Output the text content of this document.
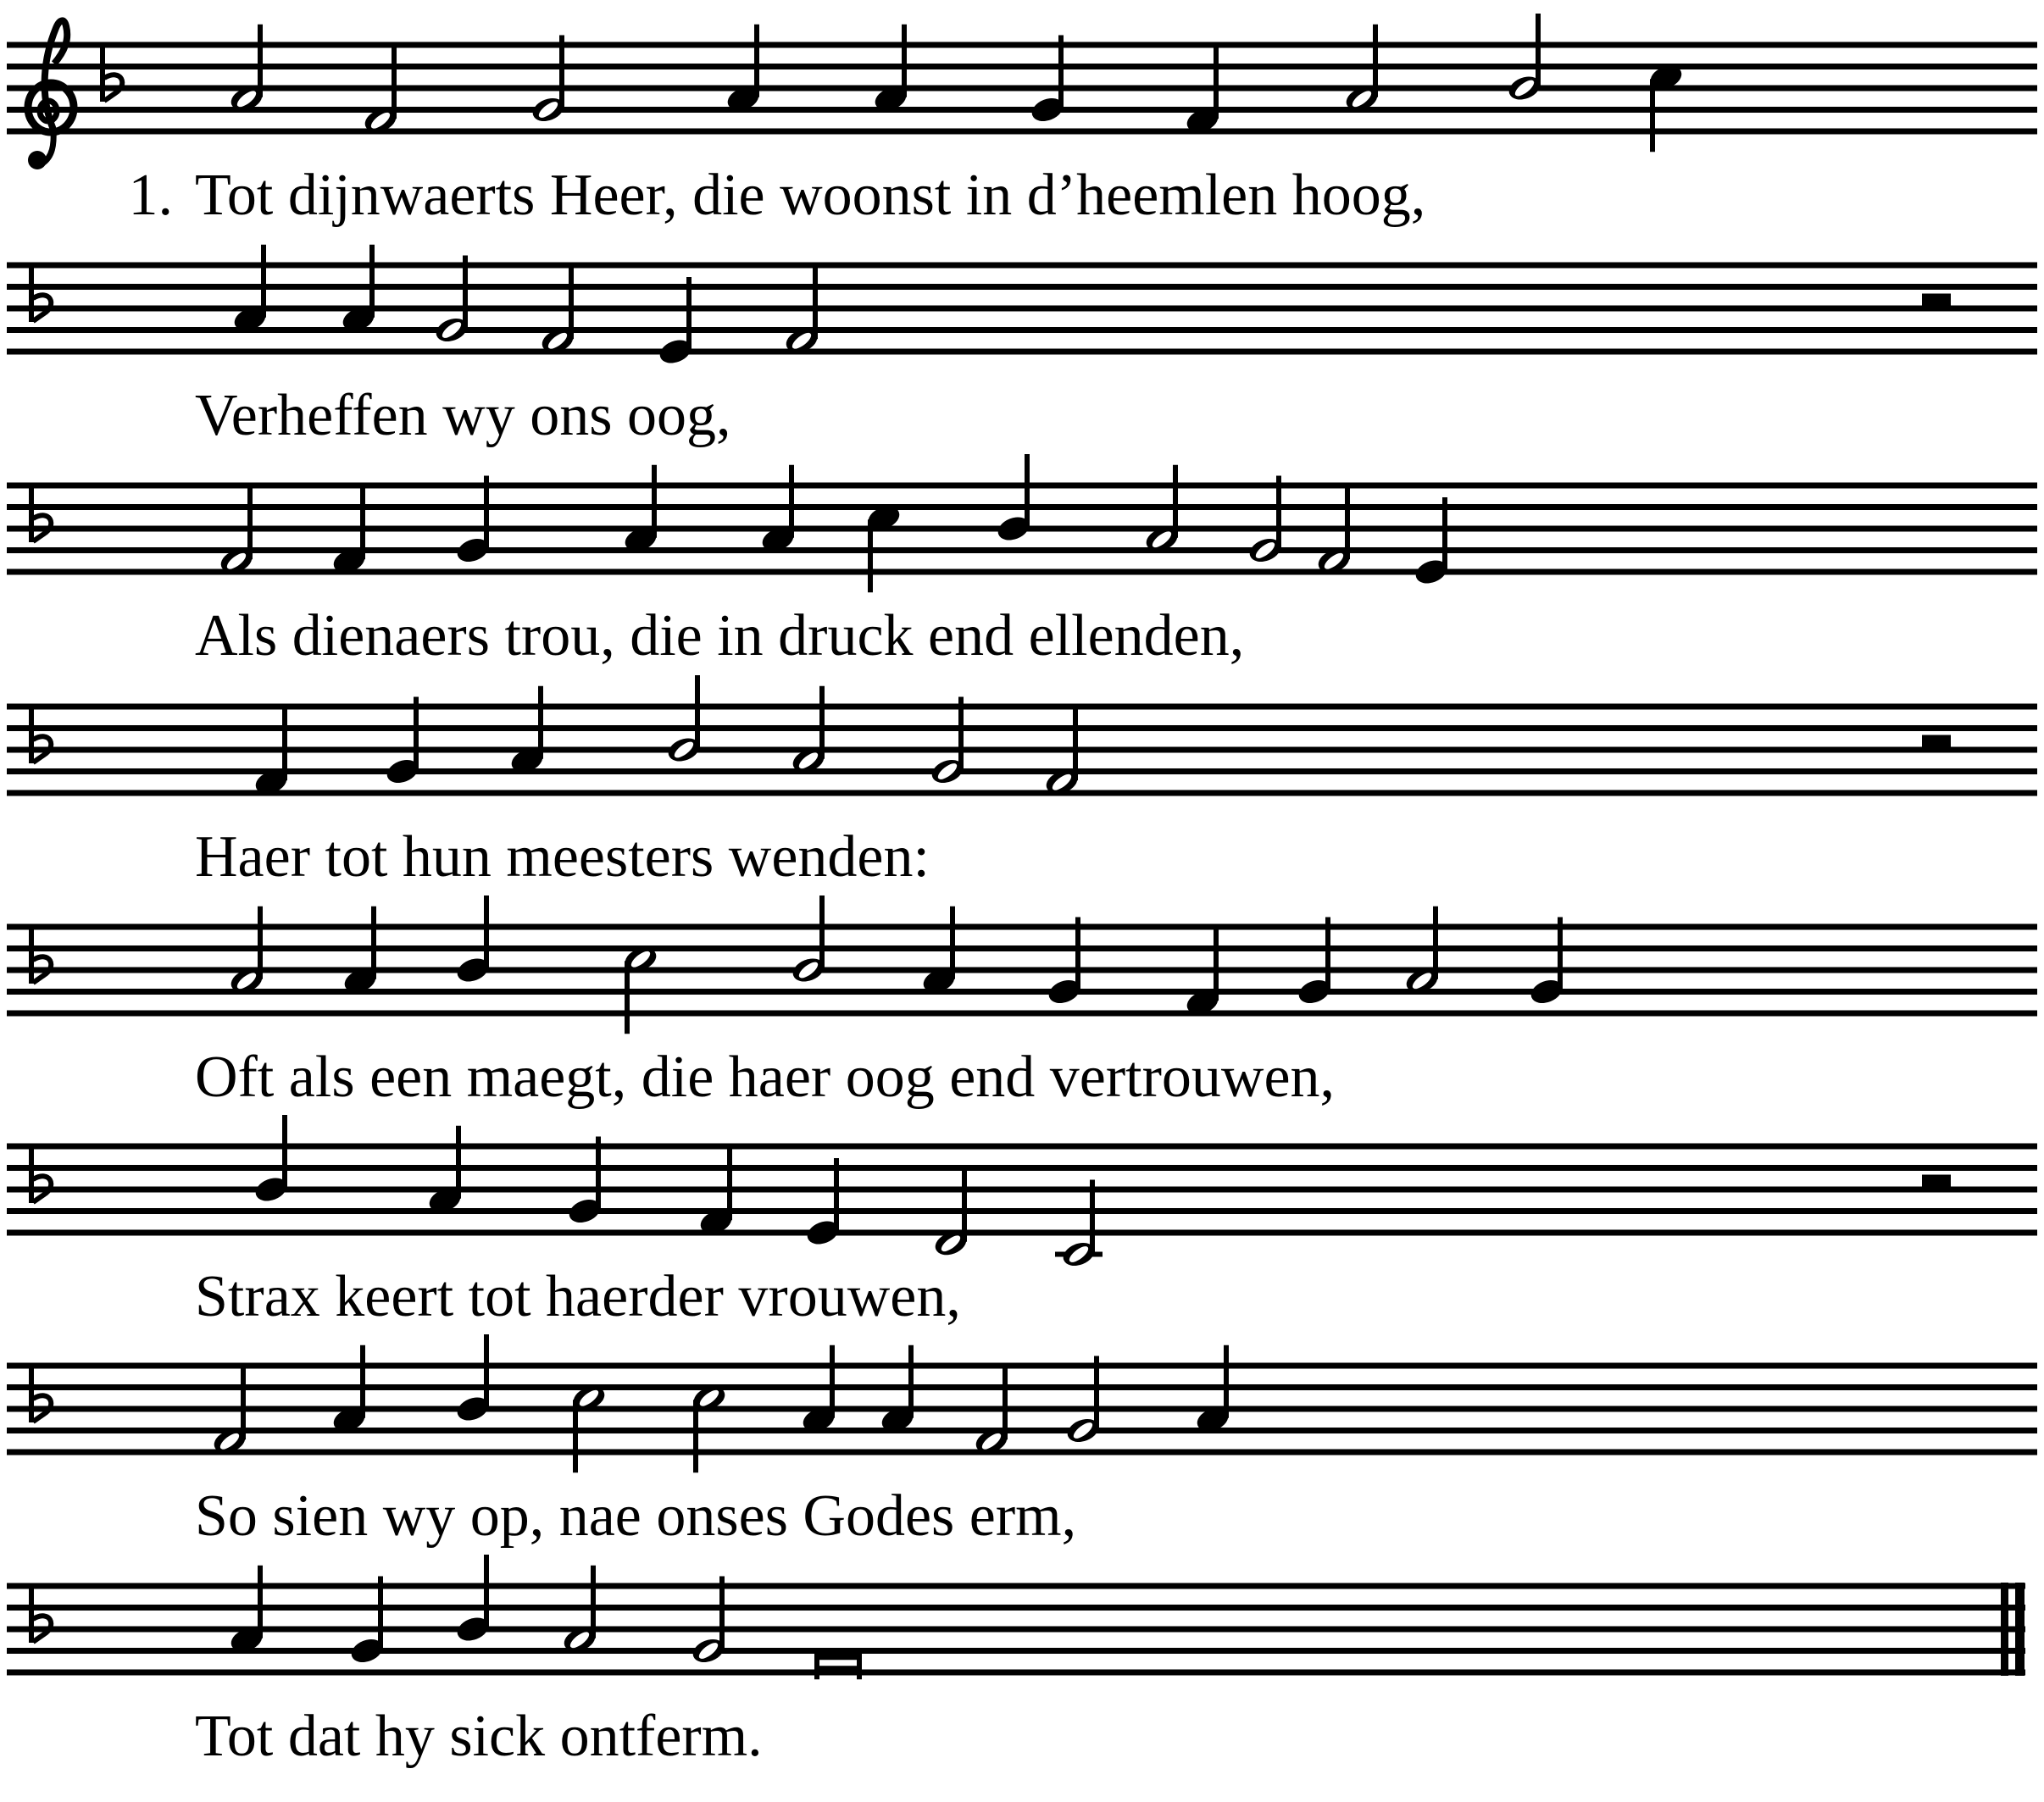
1. Tot dijnwaerts Heer, die woonst in d’heemlen hoog,
Verheffen wy ons oog,
Als dienaers trou, die in druck end ellenden,
Haer tot hun meesters wenden:
Oft als een maegt, die haer oog end vertrouwen,
Strax keert tot haerder vrouwen,
So sien wy op, nae onses Godes erm,
Tot dat hy sick ontferm.
